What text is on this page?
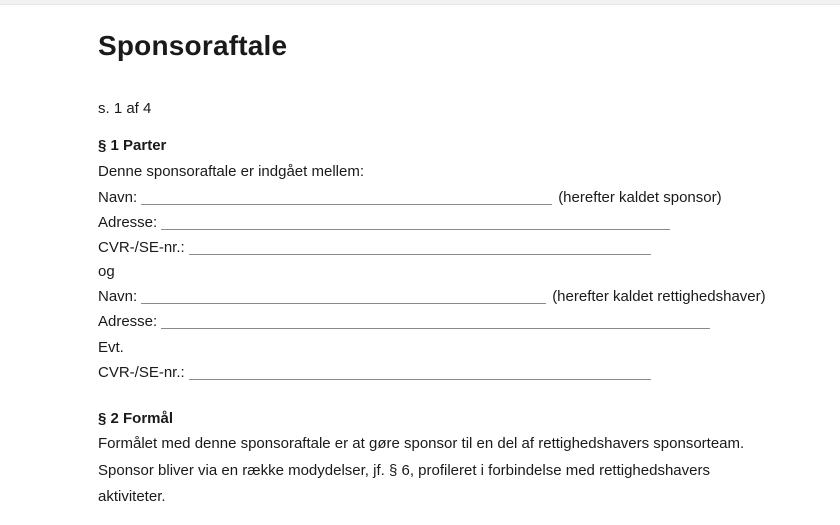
Sponsoraftale
s. 1 af 4
§ 1 Parter
Denne sponsoraftale er indgået mellem:
Navn:	(herefter kaldet sponsor)
Adresse:
CVR-/SE-nr.:
og
Navn:	(herefter kaldet rettighedshaver)
Adresse:
Evt.
CVR-/SE-nr.:
§ 2 Formål
Formålet med denne sponsoraftale er at gøre sponsor til en del af rettighedshavers sponsorteam.
Sponsor bliver via en række modydelser, jf. § 6, profileret i forbindelse med rettighedshavers
aktiviteter.
